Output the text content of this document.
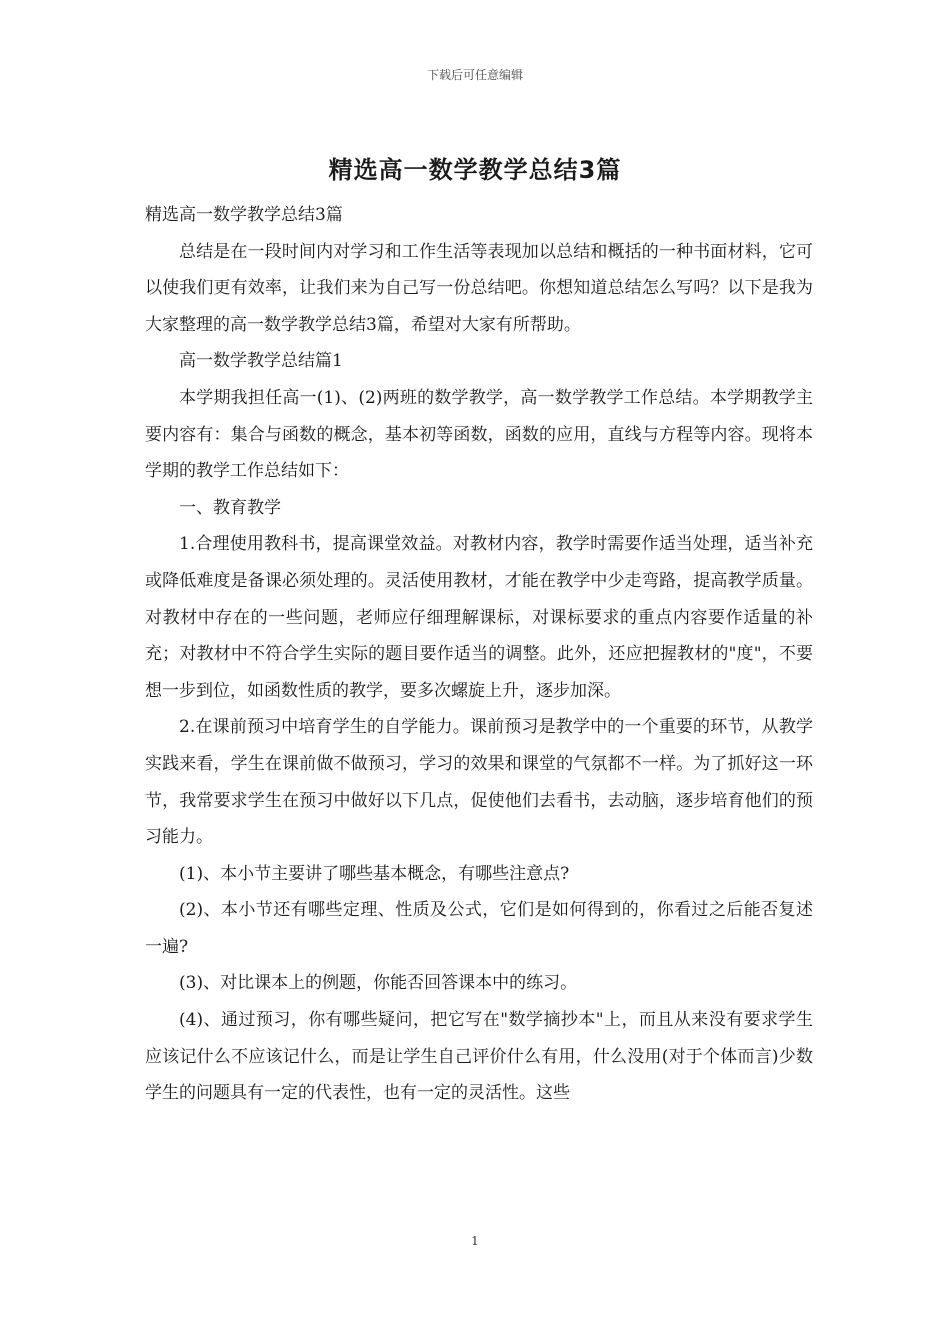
下载后可任意编辑
精选高一数学教学总结3篇

精选高一数学教学总结3篇

总结是在一段时间内对学习和工作生活等表现加以总结和概括的一种书面材料，它可以使我们更有效率，让我们来为自己写一份总结吧。你想知道总结怎么写吗？以下是我为大家整理的高一数学教学总结3篇，希望对大家有所帮助。

高一数学教学总结篇1

本学期我担任高一(1)、(2)两班的数学教学，高一数学教学工作总结。本学期教学主要内容有：集合与函数的概念，基本初等函数，函数的应用，直线与方程等内容。现将本学期的教学工作总结如下：

一、教育教学

1.合理使用教科书，提高课堂效益。对教材内容，教学时需要作适当处理，适当补充或降低难度是备课必须处理的。灵活使用教材，才能在教学中少走弯路，提高教学质量。对教材中存在的一些问题，老师应仔细理解课标，对课标要求的重点内容要作适量的补充；对教材中不符合学生实际的题目要作适当的调整。此外，还应把握教材的"度"，不要想一步到位，如函数性质的教学，要多次螺旋上升，逐步加深。

2.在课前预习中培育学生的自学能力。课前预习是教学中的一个重要的环节，从教学实践来看，学生在课前做不做预习，学习的效果和课堂的气氛都不一样。为了抓好这一环节，我常要求学生在预习中做好以下几点，促使他们去看书，去动脑，逐步培育他们的预习能力。

(1)、本小节主要讲了哪些基本概念，有哪些注意点?

(2)、本小节还有哪些定理、性质及公式，它们是如何得到的，你看过之后能否复述一遍?

(3)、对比课本上的例题，你能否回答课本中的练习。

(4)、通过预习，你有哪些疑问，把它写在"数学摘抄本"上，而且从来没有要求学生应该记什么不应该记什么，而是让学生自己评价什么有用，什么没用(对于个体而言)少数学生的问题具有一定的代表性，也有一定的灵活性。这些

1
